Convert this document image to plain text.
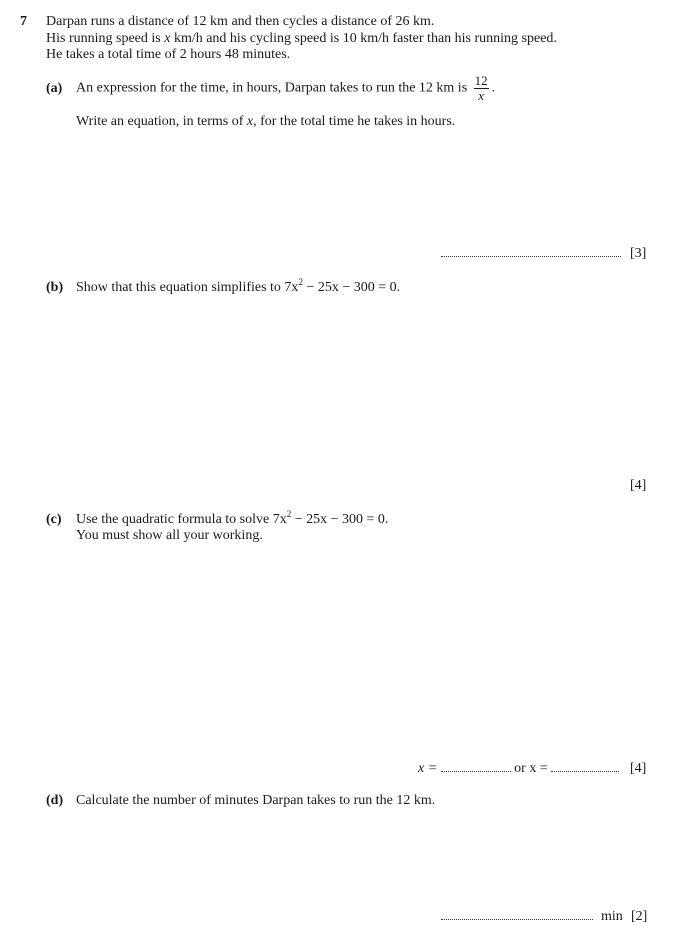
7 Darpan runs a distance of 12 km and then cycles a distance of 26 km.
His running speed is x km/h and his cycling speed is 10 km/h faster than his running speed.
He takes a total time of 2 hours 48 minutes.
(a) An expression for the time, in hours, Darpan takes to run the 12 km is $\frac{12}{x}$ .
Write an equation, in terms of x, for the total time he takes in hours.
[3]
(b) Show that this equation simplifies to $7x^2 - 25x - 300 = 0$.
[4]
(c) Use the quadratic formula to solve $7x^2 - 25x - 300 = 0$.
You must show all your working.
x =	or x =	[4]
(d) Calculate the number of minutes Darpan takes to run the 12 km.
min [2]
